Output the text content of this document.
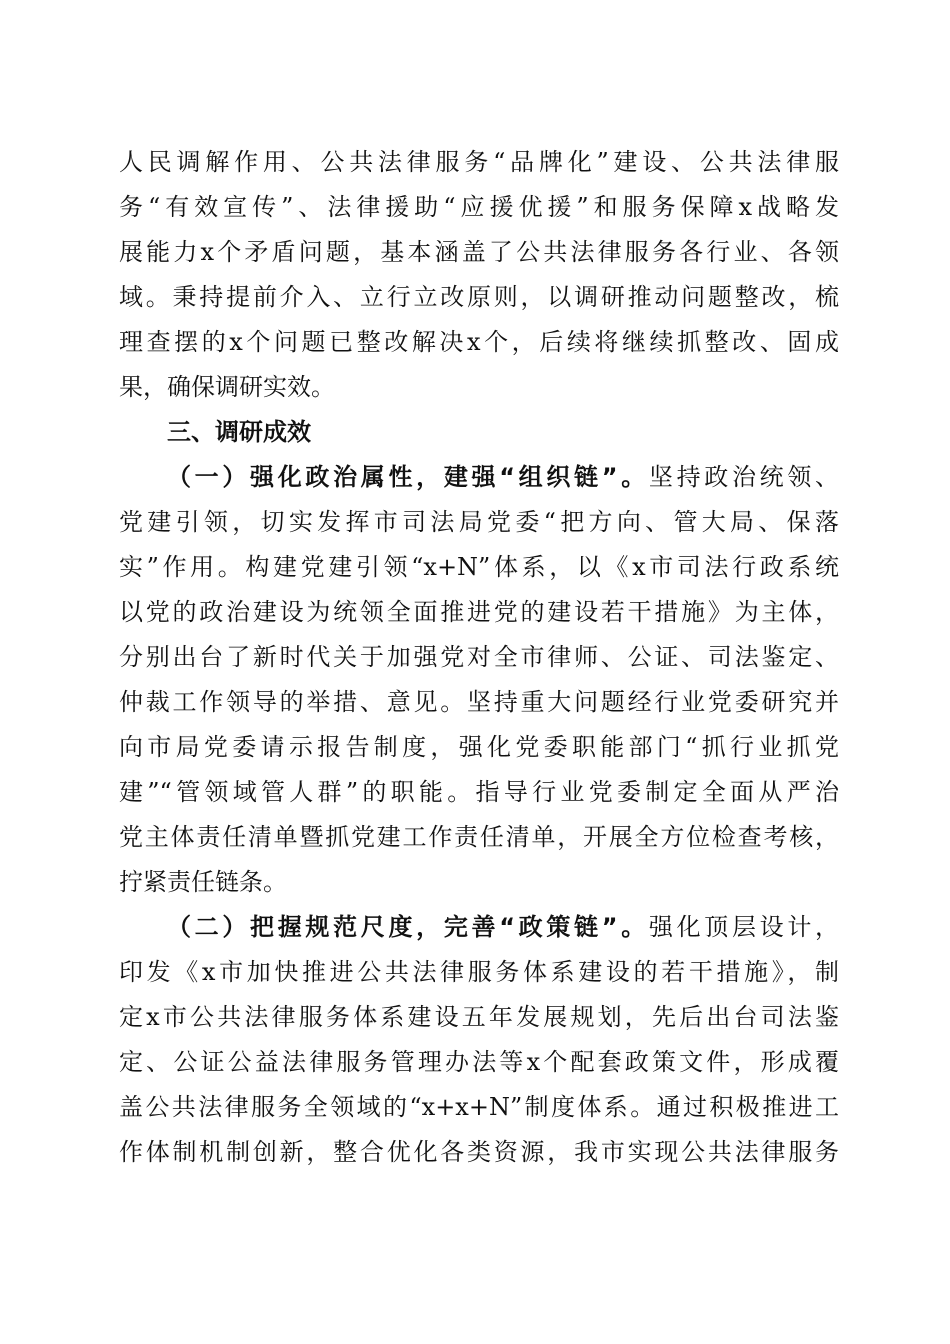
人民调解作用、公共法律服务“品牌化”建设、公共法律服
务“有效宣传”、法律援助“应援优援”和服务保障x战略发
展能力x个矛盾问题，基本涵盖了公共法律服务各行业、各领
域。秉持提前介入、立行立改原则，以调研推动问题整改，梳
理查摆的x个问题已整改解决x个，后续将继续抓整改、固成
果，确保调研实效。
三、调研成效
（一）强化政治属性，建强“组织链”。坚持政治统领、
党建引领，切实发挥市司法局党委“把方向、管大局、保落
实”作用。构建党建引领“x+N”体系，以《x市司法行政系统
以党的政治建设为统领全面推进党的建设若干措施》为主体，
分别出台了新时代关于加强党对全市律师、公证、司法鉴定、
仲裁工作领导的举措、意见。坚持重大问题经行业党委研究并
向市局党委请示报告制度，强化党委职能部门“抓行业抓党
建”“管领域管人群”的职能。指导行业党委制定全面从严治
党主体责任清单暨抓党建工作责任清单，开展全方位检查考核，
拧紧责任链条。
（二）把握规范尺度，完善“政策链”。强化顶层设计，
印发《x市加快推进公共法律服务体系建设的若干措施》，制
定x市公共法律服务体系建设五年发展规划，先后出台司法鉴
定、公证公益法律服务管理办法等x个配套政策文件，形成覆
盖公共法律服务全领域的“x+x+N”制度体系。通过积极推进工
作体制机制创新，整合优化各类资源，我市实现公共法律服务
